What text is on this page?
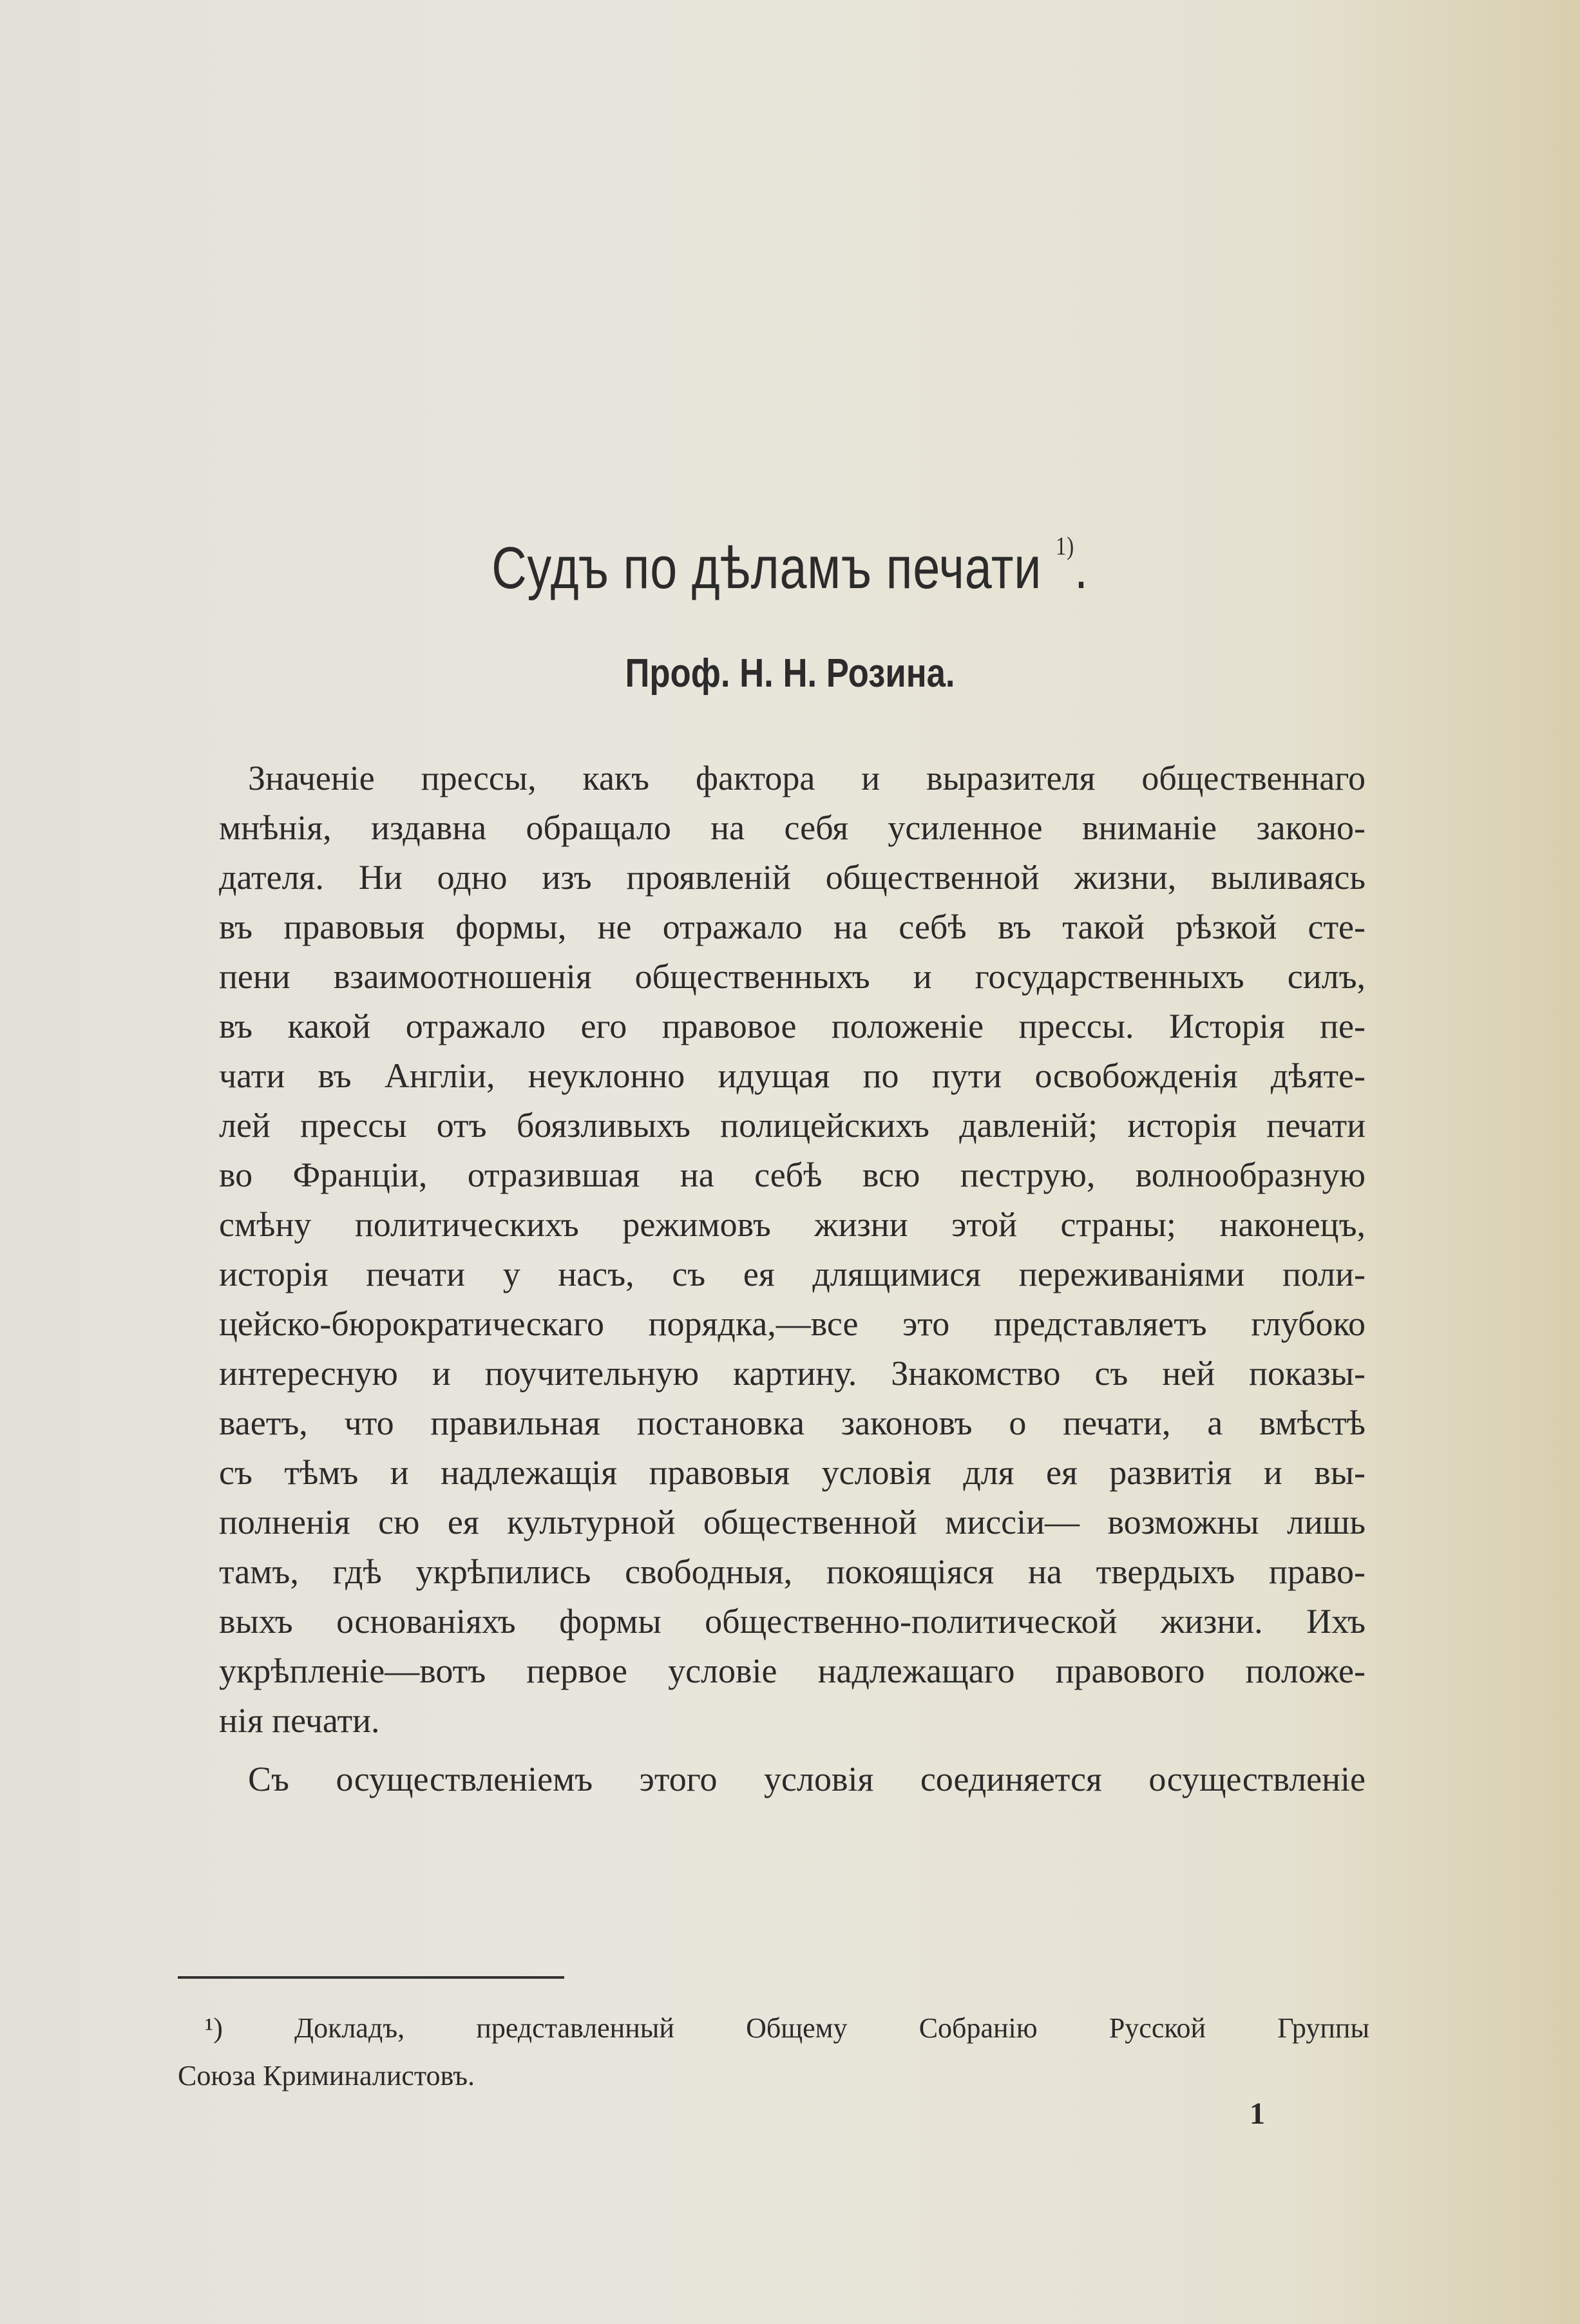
Судъ по дѣламъ печати $^{1)}$.
Проф. Н. Н. Розина.
Значеніе прессы, какъ фактора и выразителя общественнаго
мнѣнія, издавна обращало на себя усиленное вниманіе законо-
дателя. Ни одно изъ проявленій общественной жизни, выливаясь
въ правовыя формы, не отражало на себѣ въ такой рѣзкой сте-
пени взаимоотношенія общественныхъ и государственныхъ силъ,
въ какой отражало его правовое положеніе прессы. Исторія пе-
чати въ Англіи, неуклонно идущая по пути освобожденія дѣяте-
лей прессы отъ боязливыхъ полицейскихъ давленій; исторія печати
во Франціи, отразившая на себѣ всю пеструю, волнообразную
смѣну политическихъ режимовъ жизни этой страны; наконецъ,
исторія печати у насъ, съ ея длящимися переживаніями поли-
цейско-бюрократическаго порядка,—все это представляетъ глубоко
интересную и поучительную картину. Знакомство съ ней показы-
ваетъ, что правильная постановка законовъ о печати, а вмѣстѣ
съ тѣмъ и надлежащія правовыя условія для ея развитія и вы-
полненія сю ея культурной общественной миссіи— возможны лишь
тамъ, гдѣ укрѣпились свободныя, покоящіяся на твердыхъ право-
выхъ основаніяхъ формы общественно-политической жизни. Ихъ
укрѣпленіе—вотъ первое условіе надлежащаго правового положе-
нія печати.
Съ осуществленіемъ этого условія соединяется осуществленіе
¹) Докладъ, представленный Общему Собранію Русской Группы
Союза Криминалистовъ.
1
